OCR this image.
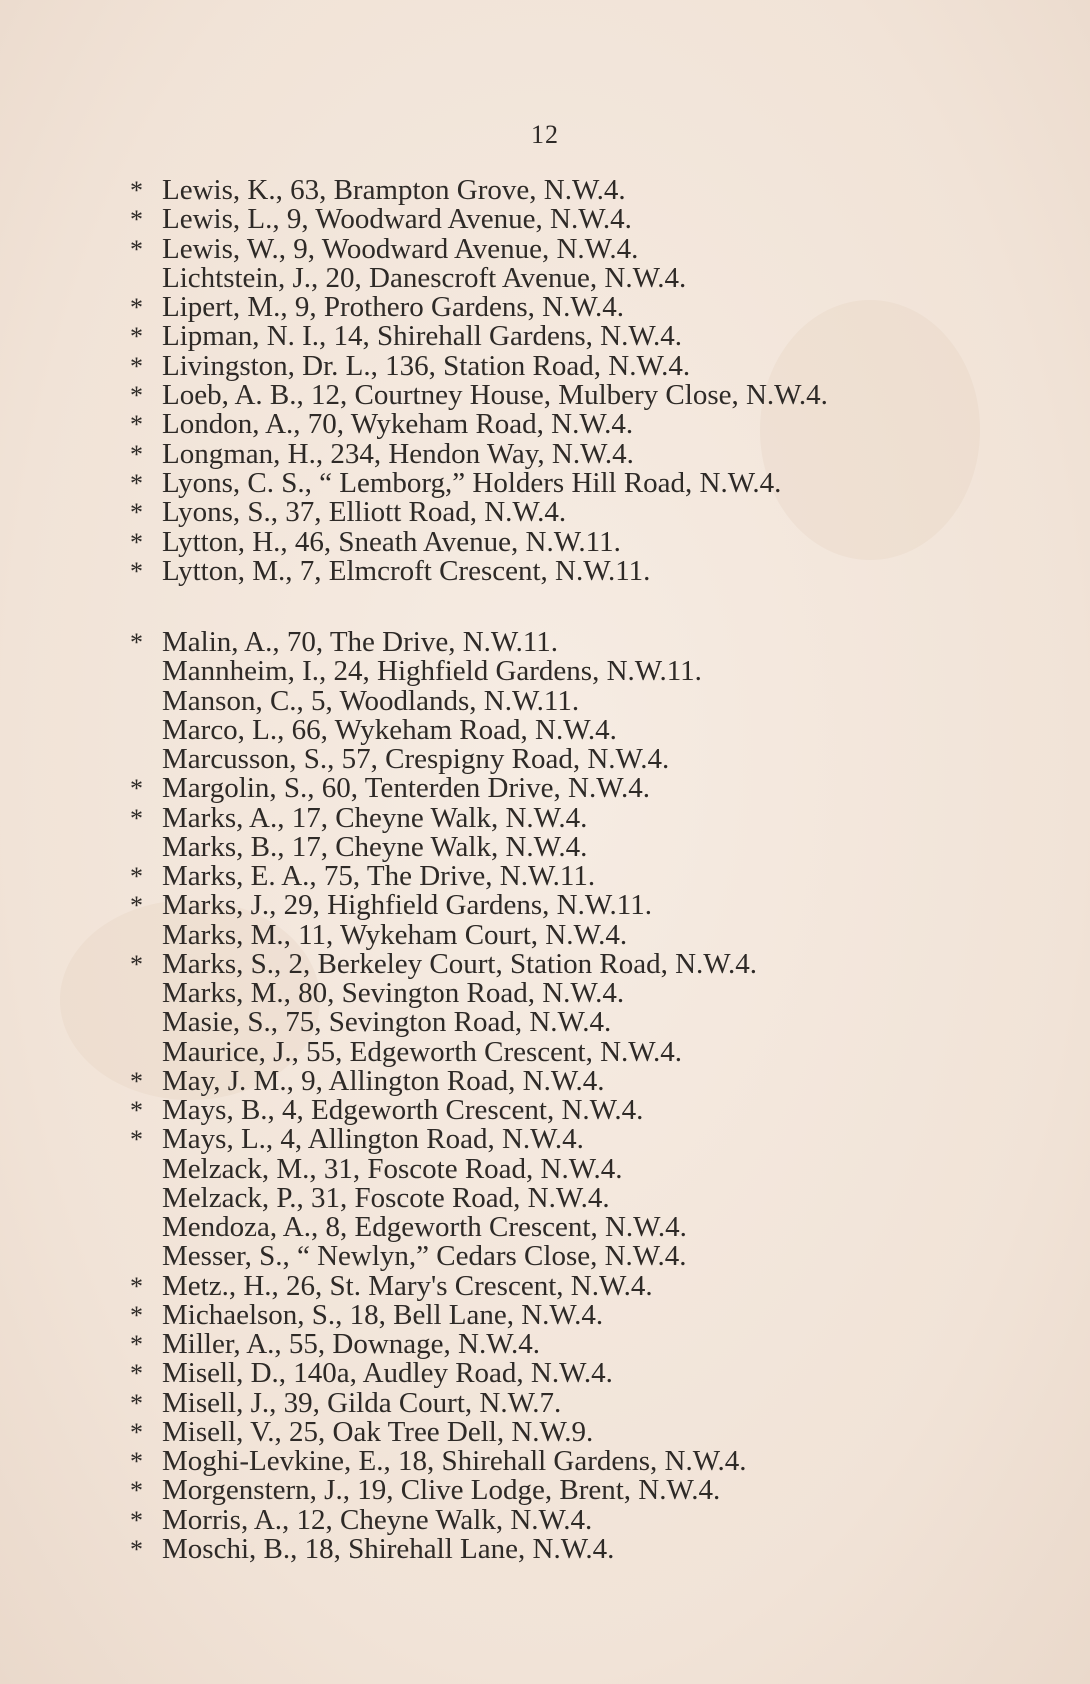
12
* Lewis, K., 63, Brampton Grove, N.W.4.
* Lewis, L., 9, Woodward Avenue, N.W.4.
* Lewis, W., 9, Woodward Avenue, N.W.4.
Lichtstein, J., 20, Danescroft Avenue, N.W.4.
* Lipert, M., 9, Prothero Gardens, N.W.4.
* Lipman, N. I., 14, Shirehall Gardens, N.W.4.
* Livingston, Dr. L., 136, Station Road, N.W.4.
* Loeb, A. B., 12, Courtney House, Mulbery Close, N.W.4.
* London, A., 70, Wykeham Road, N.W.4.
* Longman, H., 234, Hendon Way, N.W.4.
* Lyons, C. S., “ Lemborg,” Holders Hill Road, N.W.4.
* Lyons, S., 37, Elliott Road, N.W.4.
* Lytton, H., 46, Sneath Avenue, N.W.11.
* Lytton, M., 7, Elmcroft Crescent, N.W.11.
* Malin, A., 70, The Drive, N.W.11.
Mannheim, I., 24, Highfield Gardens, N.W.11.
Manson, C., 5, Woodlands, N.W.11.
Marco, L., 66, Wykeham Road, N.W.4.
Marcusson, S., 57, Crespigny Road, N.W.4.
* Margolin, S., 60, Tenterden Drive, N.W.4.
* Marks, A., 17, Cheyne Walk, N.W.4.
Marks, B., 17, Cheyne Walk, N.W.4.
* Marks, E. A., 75, The Drive, N.W.11.
* Marks, J., 29, Highfield Gardens, N.W.11.
Marks, M., 11, Wykeham Court, N.W.4.
* Marks, S., 2, Berkeley Court, Station Road, N.W.4.
Marks, M., 80, Sevington Road, N.W.4.
Masie, S., 75, Sevington Road, N.W.4.
Maurice, J., 55, Edgeworth Crescent, N.W.4.
* May, J. M., 9, Allington Road, N.W.4.
* Mays, B., 4, Edgeworth Crescent, N.W.4.
* Mays, L., 4, Allington Road, N.W.4.
Melzack, M., 31, Foscote Road, N.W.4.
Melzack, P., 31, Foscote Road, N.W.4.
Mendoza, A., 8, Edgeworth Crescent, N.W.4.
Messer, S., “ Newlyn,” Cedars Close, N.W.4.
* Metz., H., 26, St. Mary's Crescent, N.W.4.
* Michaelson, S., 18, Bell Lane, N.W.4.
* Miller, A., 55, Downage, N.W.4.
* Misell, D., 140a, Audley Road, N.W.4.
* Misell, J., 39, Gilda Court, N.W.7.
* Misell, V., 25, Oak Tree Dell, N.W.9.
* Moghi-Levkine, E., 18, Shirehall Gardens, N.W.4.
* Morgenstern, J., 19, Clive Lodge, Brent, N.W.4.
* Morris, A., 12, Cheyne Walk, N.W.4.
* Moschi, B., 18, Shirehall Lane, N.W.4.
